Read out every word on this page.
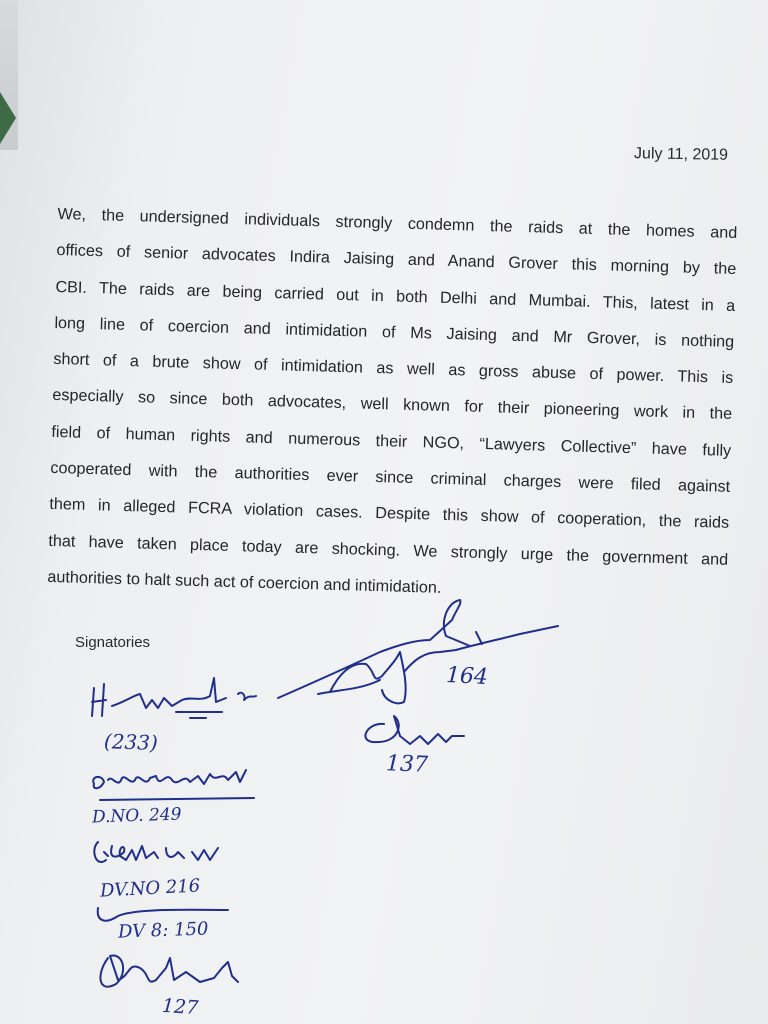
July 11, 2019
We, the undersigned individuals strongly condemn the raids at the homes and
offices of senior advocates Indira Jaising and Anand Grover this morning by the
CBI. The raids are being carried out in both Delhi and Mumbai. This, latest in a
long line of coercion and intimidation of Ms Jaising and Mr Grover, is nothing
short of a brute show of intimidation as well as gross abuse of power. This is
especially so since both advocates, well known for their pioneering work in the
field of human rights and numerous their NGO, “Lawyers Collective” have fully
cooperated with the authorities ever since criminal charges were filed against
them in alleged FCRA violation cases. Despite this show of cooperation, the raids
that have taken place today are shocking. We strongly urge the government and
authorities to halt such act of coercion and intimidation.
Signatories
(233)
D.NO. 249
DV.NO 216
DV 8: 150
127
164
137
